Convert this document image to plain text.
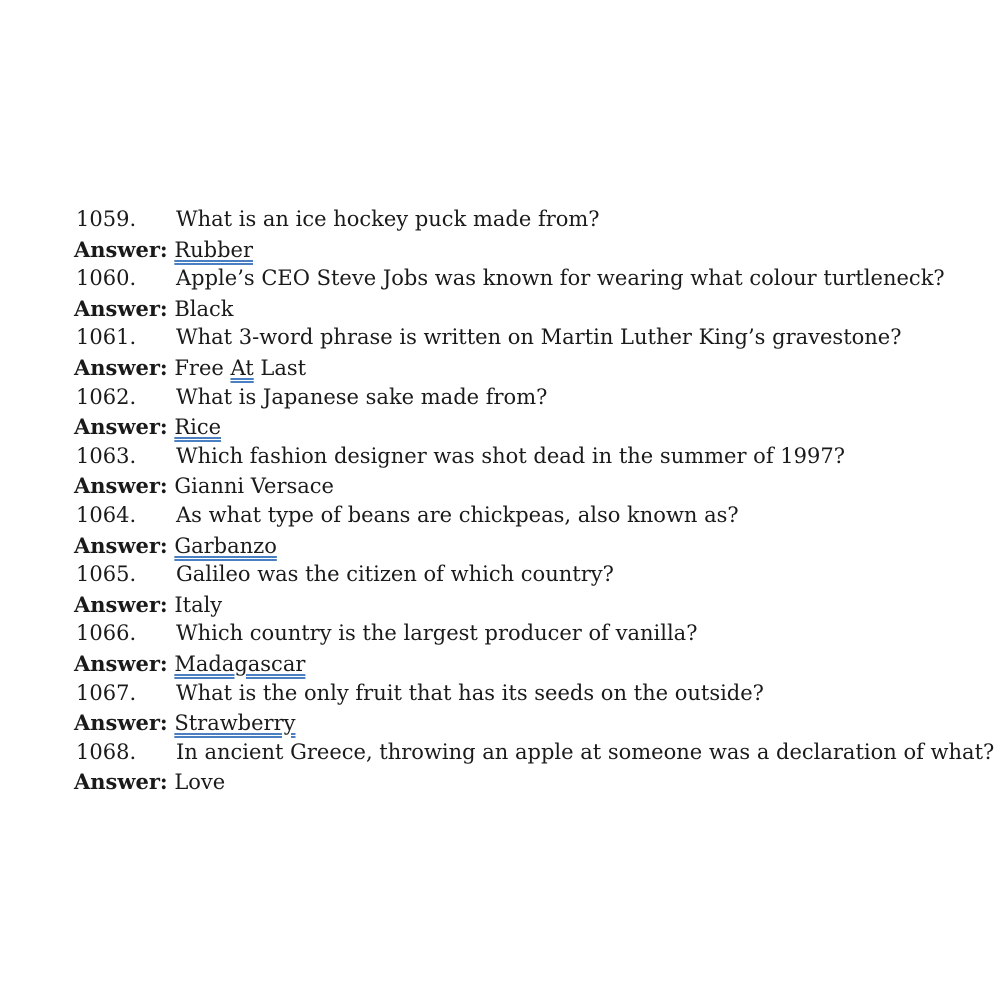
1059. What is an ice hockey puck made from?
Answer: Rubber
1060. Apple’s CEO Steve Jobs was known for wearing what colour turtleneck?
Answer: Black
1061. What 3-word phrase is written on Martin Luther King’s gravestone?
Answer: Free At Last
1062. What is Japanese sake made from?
Answer: Rice
1063. Which fashion designer was shot dead in the summer of 1997?
Answer: Gianni Versace
1064. As what type of beans are chickpeas, also known as?
Answer: Garbanzo
1065. Galileo was the citizen of which country?
Answer: Italy
1066. Which country is the largest producer of vanilla?
Answer: Madagascar
1067. What is the only fruit that has its seeds on the outside?
Answer: Strawberry
1068. In ancient Greece, throwing an apple at someone was a declaration of what?
Answer: Love
